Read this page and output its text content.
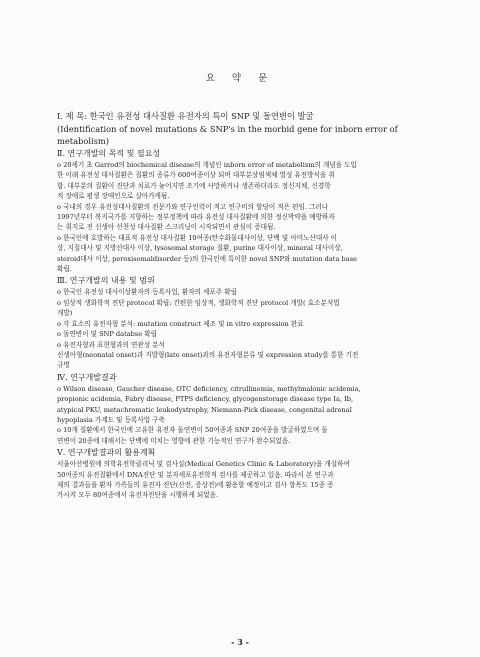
요 약 문
Ⅰ. 제 목: 한국인 유전성 대사질환 유전자의 특이 SNP 및 돌연변이 발굴
(Identification of novel mutations & SNP's in the morbid gene for inborn error of
metabolism)
Ⅱ. 연구개발의 목적 및 필요성
o 20세기 초 Garrod의 biochemical disease의 개념인 inborn error of metabolism의 개념을 도입
한 이래 유전성 대사질환은 질환의 종류가 600여종이상 되며 대부분상염색체 열성 유전방식을 취
함. 대부분의 질환이 진단과 치료가 늦어지면 조기에 사망하거나 생존하더라도 정신지체, 신경학
적 장애로 평생 장애인으로 살아가게됨.
o 국내의 경우 유전성대사질환의 전문가와 연구인력이 적고 연구비의 할당이 적은 편임. 그러나
1997년부터 복지국가를 지향하는 정부정책에 따라 유전성 대사질환에 의한 정신박약을 예방하자
는 취지로 전 신생아 선천성 대사질환 스크리닝이 시작되면서 관심이 증대됨.
o 한국인에 호발하는 대표적 유전성 대사질환 10여종(탄수화물대사이상, 단백 및 아미노산대사 이
상, 지질대사 및 지방산대사 이상, lysosomal storage 질환, purine 대사이상, mineral 대사이상,
steroid대사 이상, peroxisomaldisorder 등)의 한국인에 특이한 novel SNP와 mutation data base
확립.
Ⅲ. 연구개발의 내용 및 범위
o 한국인 유전성 대사이상환자의 등록사업, 환자의 세포주 확립
o 임상적 생화학적 진단 protocol 확립: 간편한 임상적, 생화학적 진단 protocol 개발( 효소분석법
개발)
o 각 효소의 유전자형 분석: mutation construct 제조 및 in vitro expression 완료
o 돌연변이 및 SNP databse 확립
o 유전자형과 표현형과의 연관성 분석
신생아형(neonatal onset)과 지발형(late onset)과의 유전자형분류 및 expression study를 통한 기전
규명
Ⅳ. 연구개발결과
o Wilson disease, Gaucher disease, OTC deficiency, citrullinemia, methylmalonic acidemia,
propionic acidemia, Fabry disease, PTPS deficiency, glycogenstorage disease type Ia, Ib,
atypical PKU, metachromatic leukodystrophy, Niemann-Pick disease, congenital adrenal
hypoplasia 가계도 및 등록사업 구축
o 10개 질환에서 한국인에 고유한 유전자 돌연변이 50여종과 SNP 20여종을 발굴하였으며 돌
연변이 20종에 대해서는 단백에 미치는 영향에 관한 기능적인 연구가 완수되었음.
Ⅴ. 연구개발결과의 활용계획
서울아산병원에 의학유전학클리닉 및 검사실(Medical Genetics Clinic & Laboratory)을 개설하여
50여종의 유전질환에서 DNA진단 및 분자세포유전학적 검사를 제공하고 있음. 따라서 본 연구과
제의 결과들을 환자 가족들의 유전자 진단(산전, 증상전)에 활용할 예정이고 검사 항목도 15종 증
가시켜 모두 80여종에서 유전자진단을 시행하게 되었음.
- 3 -
